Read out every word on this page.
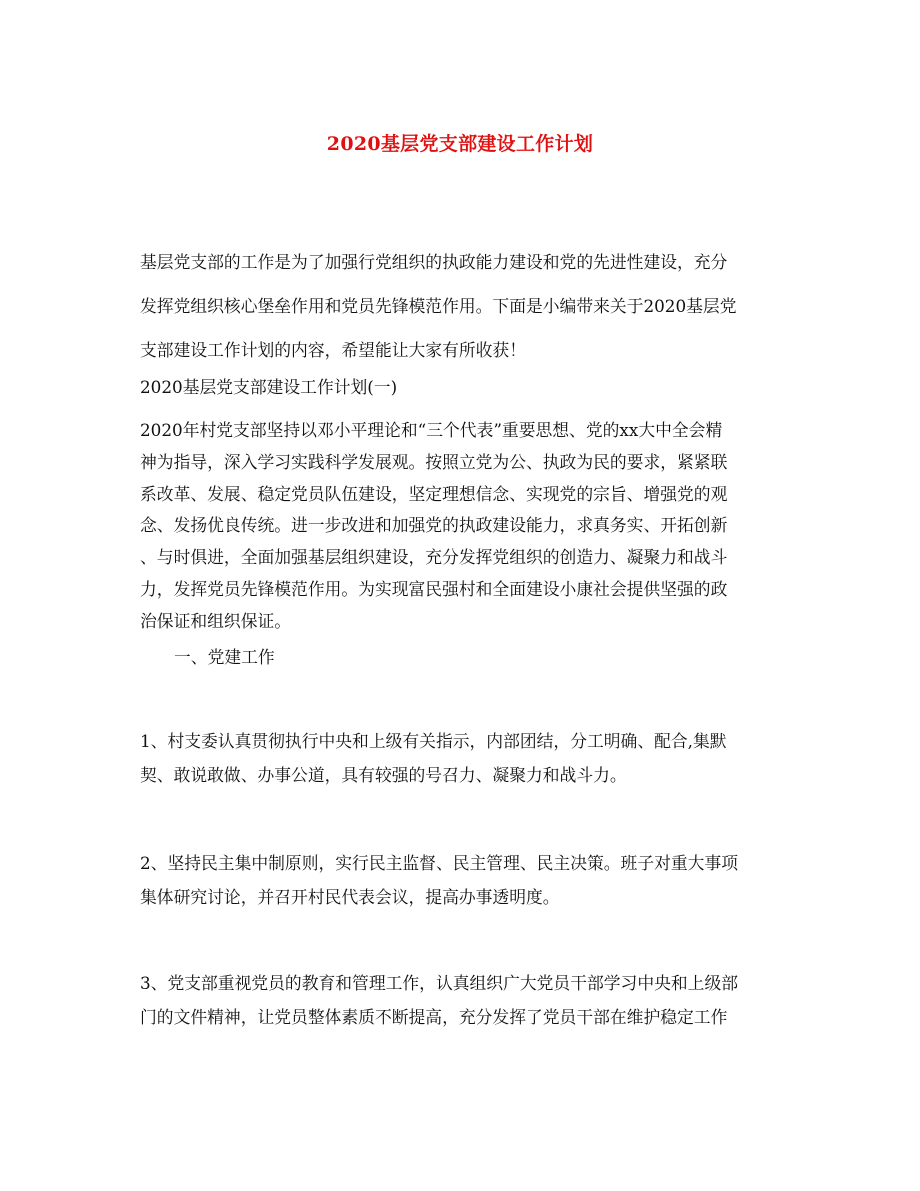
2020基层党支部建设工作计划
基层党支部的工作是为了加强行党组织的执政能力建设和党的先进性建设，充分
发挥党组织核心堡垒作用和党员先锋模范作用。下面是小编带来关于2020基层党
支部建设工作计划的内容，希望能让大家有所收获！
2020基层党支部建设工作计划(一)
2020年村党支部坚持以邓小平理论和“三个代表”重要思想、党的xx大中全会精
神为指导，深入学习实践科学发展观。按照立党为公、执政为民的要求，紧紧联
系改革、发展、稳定党员队伍建设，坚定理想信念、实现党的宗旨、增强党的观
念、发扬优良传统。进一步改进和加强党的执政建设能力，求真务实、开拓创新
、与时俱进，全面加强基层组织建设，充分发挥党组织的创造力、凝聚力和战斗
力，发挥党员先锋模范作用。为实现富民强村和全面建设小康社会提供坚强的政
治保证和组织保证。
一、党建工作
1、村支委认真贯彻执行中央和上级有关指示，内部团结，分工明确、配合,集默
契、敢说敢做、办事公道，具有较强的号召力、凝聚力和战斗力。
2、坚持民主集中制原则，实行民主监督、民主管理、民主决策。班子对重大事项
集体研究讨论，并召开村民代表会议，提高办事透明度。
3、党支部重视党员的教育和管理工作，认真组织广大党员干部学习中央和上级部
门的文件精神，让党员整体素质不断提高，充分发挥了党员干部在维护稳定工作
